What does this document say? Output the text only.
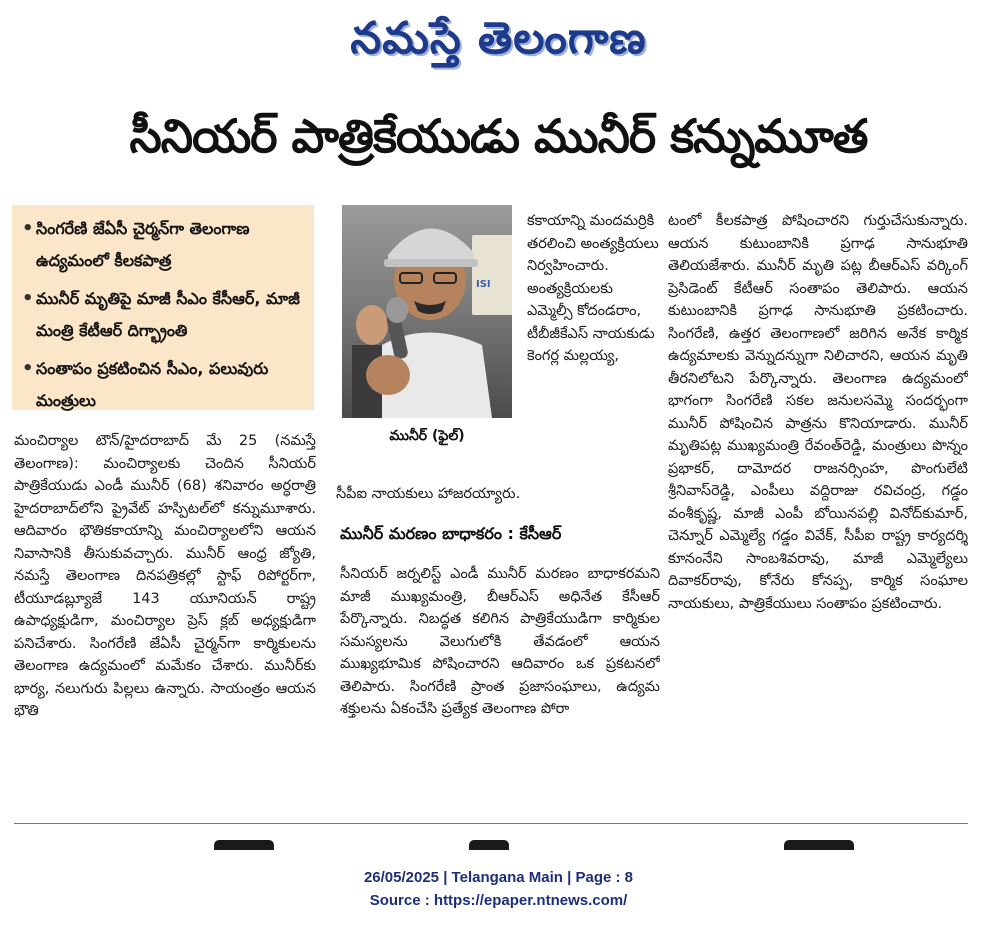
నమస్తే తెలంగాణ
సీనియర్ పాత్రికేయుడు మునీర్ కన్నుమూత
• సింగరేణి జేఏసీ చైర్మన్‌గా తెలంగాణ ఉద్యమంలో కీలకపాత్ర
• మునీర్ మృతిపై మాజీ సీఎం కేసీఆర్, మాజీ మంత్రి కేటీఆర్ దిగ్భ్రాంతి
• సంతాపం ప్రకటించిన సీఎం, పలువురు మంత్రులు
ISI
మునీర్ (ఫైల్)
మంచిర్యాల టౌన్/హైదరాబాద్ మే 25 (నమస్తే తెలంగాణ): మంచిర్యాలకు చెందిన సీనియర్ పాత్రికేయుడు ఎండీ మునీర్ (68) శనివారం అర్ధరాత్రి హైదరాబాద్‌లోని ప్రైవేట్ హస్పిటల్‌లో కన్నుమూశారు. ఆదివారం భౌతికకాయాన్ని మంచిర్యాలలోని ఆయన నివాసానికి తీసుకువచ్చారు. మునీర్ ఆంధ్ర జ్యోతి, నమస్తే తెలంగాణ దినపత్రికల్లో స్టాఫ్ రిపోర్టర్‌గా, టీయూడబ్ల్యూజే 143 యూనియన్ రాష్ట్ర ఉపాధ్యక్షుడిగా, మంచిర్యాల ప్రెస్ క్లబ్ అధ్యక్షుడిగా పనిచేశారు. సింగరేణి జేఏసీ చైర్మన్‌గా కార్మికులను తెలంగాణ ఉద్యమంలో మమేకం చేశారు. మునీర్‌కు భార్య, నలుగురు పిల్లలు ఉన్నారు. సాయంత్రం ఆయన భౌతి
కకాయాన్ని మందమర్రికి తరలించి అంత్యక్రియలు నిర్వహించారు. అంత్యక్రియలకు ఎమ్మెల్సీ కోదండరాం, టీబీజీకేఎస్ నాయకుడు కెంగర్ల మల్లయ్య,
సీపీఐ నాయకులు హాజరయ్యారు.
మునీర్ మరణం బాధాకరం : కేసీఆర్
సీనియర్ జర్నలిస్ట్ ఎండీ మునీర్ మరణం బాధాకరమని మాజీ ముఖ్యమంత్రి, బీఆర్ఎస్ అధినేత కేసీఆర్ పేర్కొన్నారు. నిబద్ధత కలిగిన పాత్రికేయుడిగా కార్మికుల సమస్యలను వెలుగులోకి తేవడంలో ఆయన ముఖ్యభూమిక పోషించారని ఆదివారం ఒక ప్రకటనలో తెలిపారు. సింగరేణి ప్రాంత ప్రజాసంఘాలు, ఉద్యమ శక్తులను ఏకంచేసి ప్రత్యేక తెలంగాణ పోరా
టంలో కీలకపాత్ర పోషించారని గుర్తుచేసుకున్నారు. ఆయన కుటుంబానికి ప్రగాఢ సానుభూతి తెలియజేశారు. మునీర్ మృతి పట్ల బీఆర్ఎస్ వర్కింగ్ ప్రెసిడెంట్ కేటీఆర్ సంతాపం తెలిపారు. ఆయన కుటుంబానికి ప్రగాఢ సానుభూతి ప్రకటించారు. సింగరేణి, ఉత్తర తెలంగాణలో జరిగిన అనేక కార్మిక ఉద్యమాలకు వెన్నుదన్నుగా నిలిచారని, ఆయన మృతి తీరనిలోటని పేర్కొన్నారు. తెలంగాణ ఉద్యమంలో భాగంగా సింగరేణి సకల జనులసమ్మె సందర్భంగా మునీర్ పోషించిన పాత్రను కొనియాడారు. మునీర్ మృతిపట్ల ముఖ్యమంత్రి రేవంత్‌రెడ్డి, మంత్రులు పొన్నం ప్రభాకర్, దామోదర రాజనర్సింహ, పొంగులేటి శ్రీనివాస్‌రెడ్డి, ఎంపీలు వద్దిరాజు రవిచంద్ర, గడ్డం వంశీకృష్ణ, మాజీ ఎంపీ బోయినపల్లి వినోద్‌కుమార్, చెన్నూర్ ఎమ్మెల్యే గడ్డం వివేక్, సీపీఐ రాష్ట్ర కార్యదర్శి కూనంనేని సాంబశివరావు, మాజీ ఎమ్మెల్యేలు దివాకర్‌రావు, కోనేరు కోనప్ప, కార్మిక సంఘాల నాయకులు, పాత్రికేయులు సంతాపం ప్రకటించారు.
26/05/2025 | Telangana Main | Page : 8
Source : https://epaper.ntnews.com/
